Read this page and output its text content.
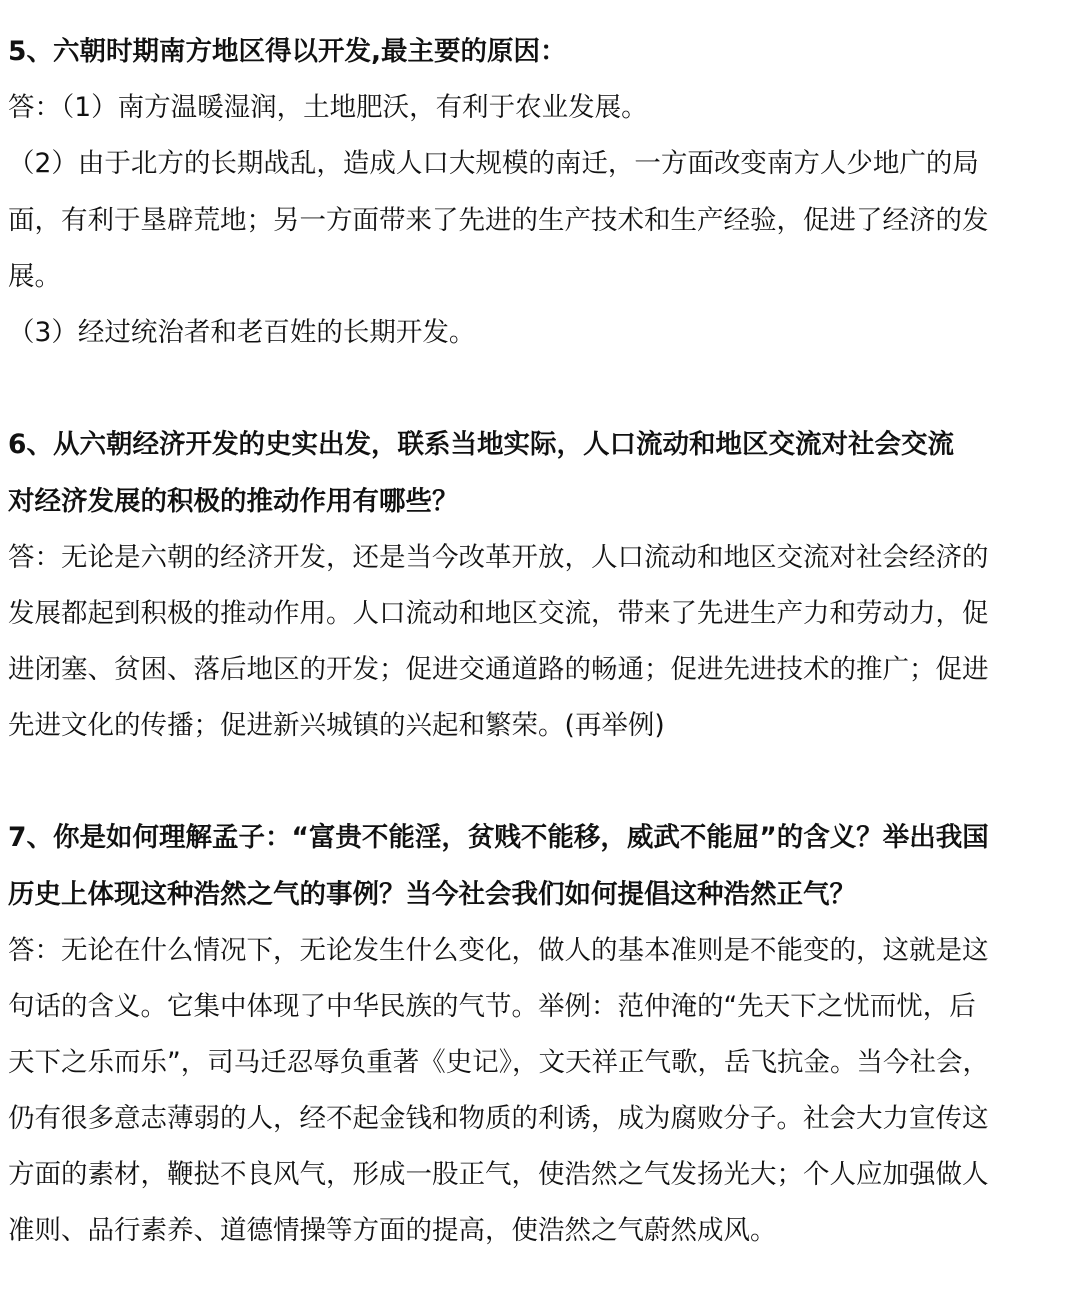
5、六朝时期南方地区得以开发,最主要的原因：
答：（1）南方温暖湿润，土地肥沃，有利于农业发展。
（2）由于北方的长期战乱，造成人口大规模的南迁，一方面改变南方人少地广的局
面，有利于垦辟荒地；另一方面带来了先进的生产技术和生产经验，促进了经济的发
展。
（3）经过统治者和老百姓的长期开发。
6、从六朝经济开发的史实出发，联系当地实际，人口流动和地区交流对社会交流
对经济发展的积极的推动作用有哪些？
答：无论是六朝的经济开发，还是当今改革开放，人口流动和地区交流对社会经济的
发展都起到积极的推动作用。人口流动和地区交流，带来了先进生产力和劳动力，促
进闭塞、贫困、落后地区的开发；促进交通道路的畅通；促进先进技术的推广；促进
先进文化的传播；促进新兴城镇的兴起和繁荣。(再举例)
7、你是如何理解孟子：“富贵不能淫，贫贱不能移，威武不能屈”的含义？举出我国
历史上体现这种浩然之气的事例？当今社会我们如何提倡这种浩然正气？
答：无论在什么情况下，无论发生什么变化，做人的基本准则是不能变的，这就是这
句话的含义。它集中体现了中华民族的气节。举例：范仲淹的“先天下之忧而忧，后
天下之乐而乐”，司马迁忍辱负重著《史记》，文天祥正气歌，岳飞抗金。当今社会，
仍有很多意志薄弱的人，经不起金钱和物质的利诱，成为腐败分子。社会大力宣传这
方面的素材，鞭挞不良风气，形成一股正气，使浩然之气发扬光大；个人应加强做人
准则、品行素养、道德情操等方面的提高，使浩然之气蔚然成风。
